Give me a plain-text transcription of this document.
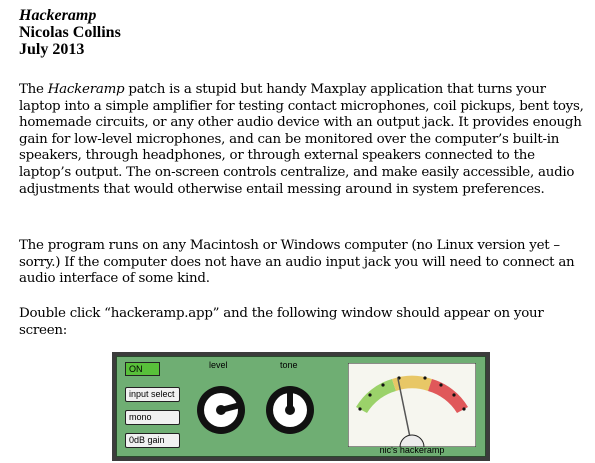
Hackeramp
Nicolas Collins
July 2013

The Hackeramp patch is a stupid but handy Maxplay application that turns your laptop into a simple amplifier for testing contact microphones, coil pickups, bent toys, homemade circuits, or any other audio device with an output jack. It provides enough gain for low-level microphones, and can be monitored over the computer’s built-in speakers, through headphones, or through external speakers connected to the laptop’s output. The on-screen controls centralize, and make easily accessible, audio adjustments that would otherwise entail messing around in system preferences.

The program runs on any Macintosh or Windows computer (no Linux version yet – sorry.) If the computer does not have an audio input jack you will need to connect an audio interface of some kind.

Double click “hackeramp.app” and the following window should appear on your screen:

ON
input select
mono
0dB gain
level	tone
nic's hackeramp
